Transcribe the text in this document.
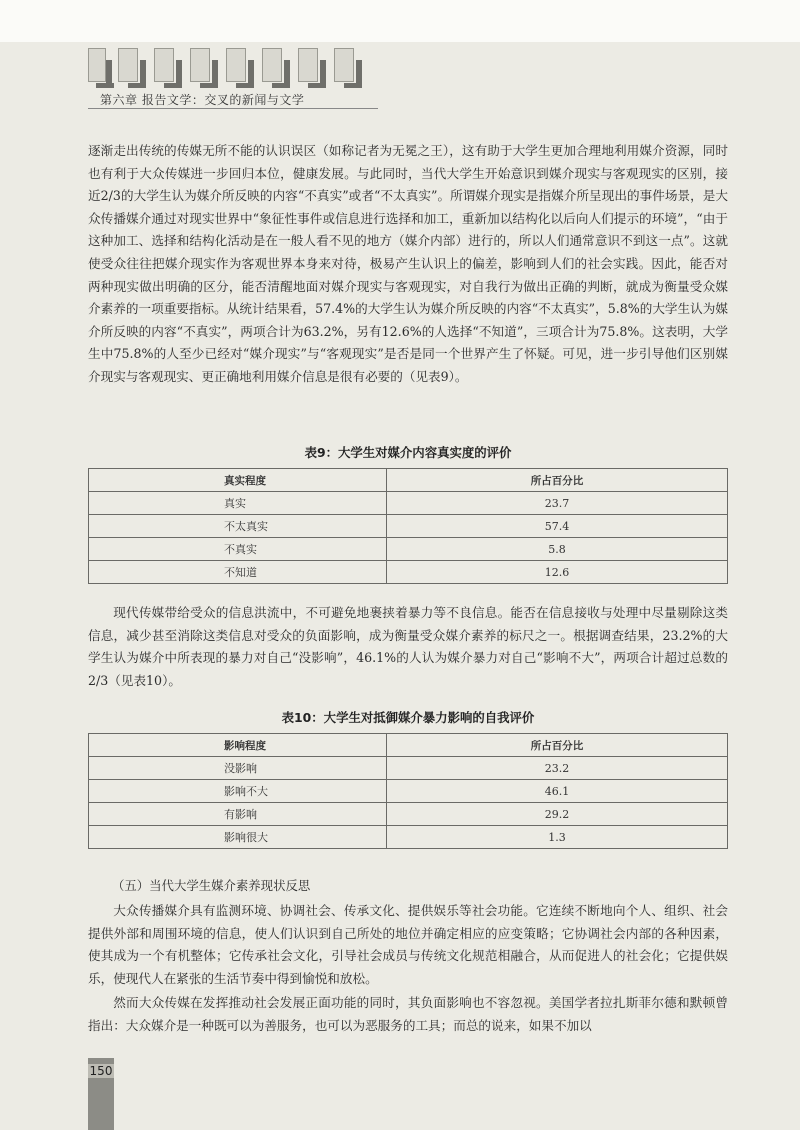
第六章 报告文学：交叉的新闻与文学
逐渐走出传统的传媒无所不能的认识误区（如称记者为无冕之王），这有助于大学生更加合理地利用媒介资源，同时也有利于大众传媒进一步回归本位，健康发展。与此同时，当代大学生开始意识到媒介现实与客观现实的区别，接近2/3的大学生认为媒介所反映的内容“不真实”或者“不太真实”。所谓媒介现实是指媒介所呈现出的事件场景，是大众传播媒介通过对现实世界中“象征性事件或信息进行选择和加工，重新加以结构化以后向人们提示的环境”，“由于这种加工、选择和结构化活动是在一般人看不见的地方（媒介内部）进行的，所以人们通常意识不到这一点”。这就使受众往往把媒介现实作为客观世界本身来对待，极易产生认识上的偏差，影响到人们的社会实践。因此，能否对两种现实做出明确的区分，能否清醒地面对媒介现实与客观现实，对自我行为做出正确的判断，就成为衡量受众媒介素养的一项重要指标。从统计结果看，57.4%的大学生认为媒介所反映的内容“不太真实”，5.8%的大学生认为媒介所反映的内容“不真实”，两项合计为63.2%，另有12.6%的人选择“不知道”，三项合计为75.8%。这表明，大学生中75.8%的人至少已经对“媒介现实”与“客观现实”是否是同一个世界产生了怀疑。可见，进一步引导他们区别媒介现实与客观现实、更正确地利用媒介信息是很有必要的（见表9）。
表9：大学生对媒介内容真实度的评价
真实程度	所占百分比
真实	23.7
不太真实	57.4
不真实	5.8
不知道	12.6
现代传媒带给受众的信息洪流中，不可避免地裹挟着暴力等不良信息。能否在信息接收与处理中尽量剔除这类信息，减少甚至消除这类信息对受众的负面影响，成为衡量受众媒介素养的标尺之一。根据调查结果，23.2%的大学生认为媒介中所表现的暴力对自己“没影响”，46.1%的人认为媒介暴力对自己“影响不大”，两项合计超过总数的2/3（见表10）。
表10：大学生对抵御媒介暴力影响的自我评价
影响程度	所占百分比
没影响	23.2
影响不大	46.1
有影响	29.2
影响很大	1.3
（五）当代大学生媒介素养现状反思
大众传播媒介具有监测环境、协调社会、传承文化、提供娱乐等社会功能。它连续不断地向个人、组织、社会提供外部和周围环境的信息，使人们认识到自己所处的地位并确定相应的应变策略；它协调社会内部的各种因素，使其成为一个有机整体；它传承社会文化，引导社会成员与传统文化规范相融合，从而促进人的社会化；它提供娱乐，使现代人在紧张的生活节奏中得到愉悦和放松。
然而大众传媒在发挥推动社会发展正面功能的同时，其负面影响也不容忽视。美国学者拉扎斯菲尔德和默顿曾指出：大众媒介是一种既可以为善服务，也可以为恶服务的工具；而总的说来，如果不加以
150
